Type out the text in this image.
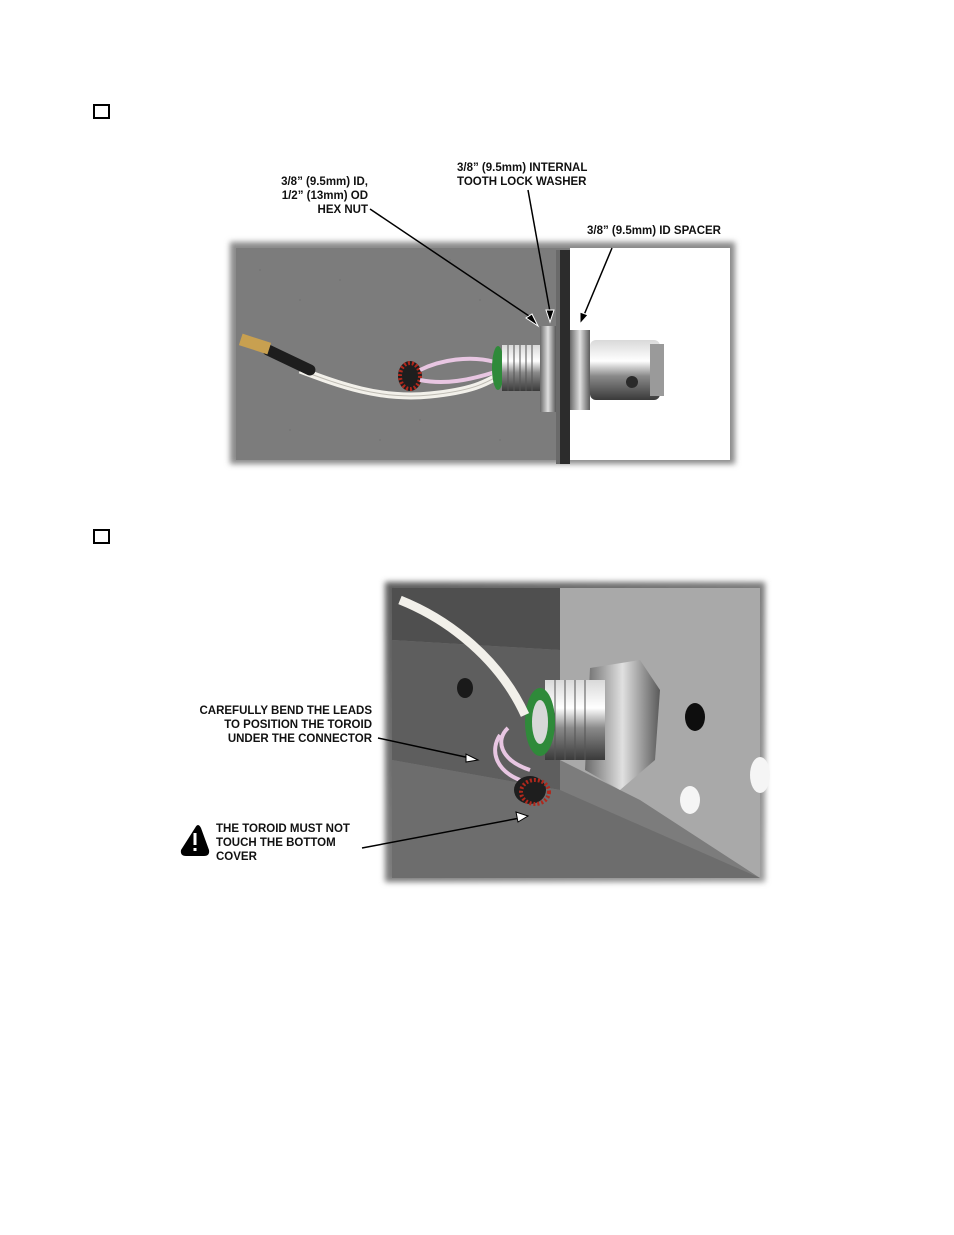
3/8” (9.5mm) ID,
1/2” (13mm) OD
HEX NUT
3/8” (9.5mm) INTERNAL
TOOTH LOCK WASHER
3/8” (9.5mm) ID SPACER
CAREFULLY BEND THE LEADS
TO POSITION THE TOROID
UNDER THE CONNECTOR
THE TOROID MUST NOT
TOUCH THE BOTTOM
COVER
